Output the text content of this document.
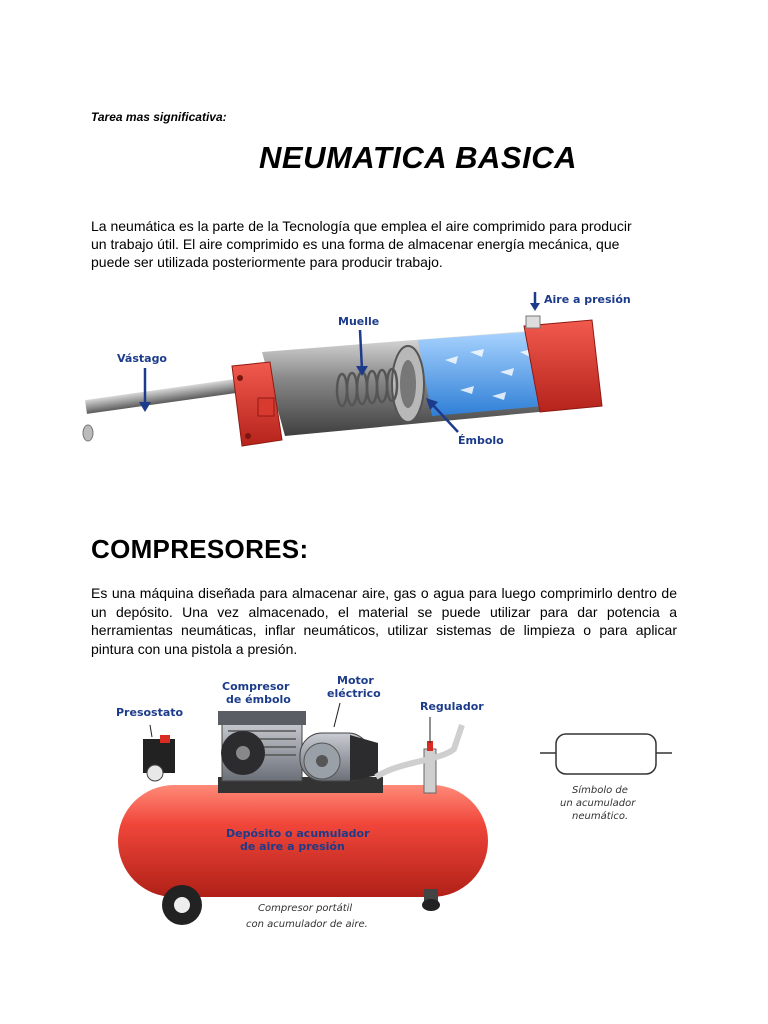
Tarea mas significativa:
NEUMATICA BASICA
La neumática es la parte de la Tecnología que emplea el aire comprimido para producir
un trabajo útil. El aire comprimido es una forma de almacenar energía mecánica, que
puede ser utilizada posteriormente para producir trabajo.
Vástago
Muelle
Aire a presión
Émbolo
COMPRESORES:
Es una máquina diseñada para almacenar aire, gas o agua para luego comprimirlo dentro de un depósito. Una vez almacenado, el material se puede utilizar para dar potencia a herramientas neumáticas, inflar neumáticos, utilizar sistemas de limpieza o para aplicar pintura con una pistola a presión.
Presostato
Compresor
de émbolo
Motor
eléctrico
Regulador
Depósito o acumulador
de aire a presión
Compresor portátil
con acumulador de aire.
Símbolo de
un acumulador
neumático.
